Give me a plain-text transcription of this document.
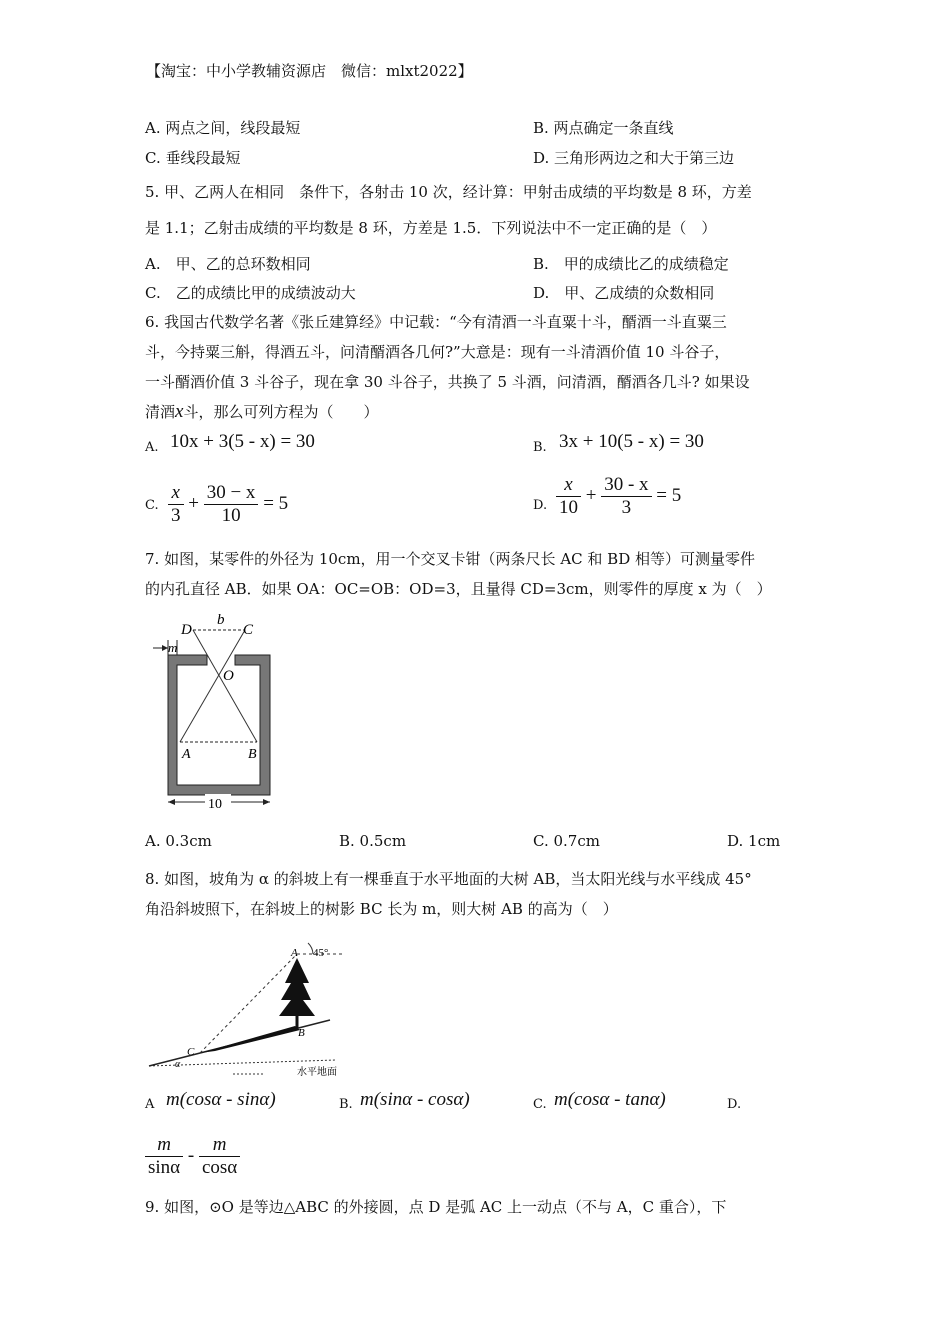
【淘宝：中小学教辅资源店　微信：mlxt2022】
A. 两点之间，线段最短	B. 两点确定一条直线
C. 垂线段最短	D. 三角形两边之和大于第三边
5. 甲、乙两人在相同　条件下，各射击 10 次，经计算：甲射击成绩的平均数是 8 环，方差
是 1.1；乙射击成绩的平均数是 8 环，方差是 1.5．下列说法中不一定正确的是（　）
A.　甲、乙的总环数相同	B.　甲的成绩比乙的成绩稳定
C.　乙的成绩比甲的成绩波动大	D.　甲、乙成绩的众数相同
6. 我国古代数学名著《张丘建算经》中记载：“今有清酒一斗直粟十斗，醑酒一斗直粟三
斗，今持粟三斛，得酒五斗，问清醑酒各几何?”大意是：现有一斗清酒价值 10 斗谷子，
一斗醑酒价值 3 斗谷子，现在拿 30 斗谷子，共换了 5 斗酒，问清酒，醑酒各几斗? 如果设
清酒x斗，那么可列方程为（　　）
A. 10x + 3(5 - x) = 30	B. 3x + 10(5 - x) = 30
C. $\frac{x}{3} + \frac{30 - x}{10} = 5$	D. $\frac{x}{10} + \frac{30 - x}{3} = 5$
7. 如图，某零件的外径为 10cm，用一个交叉卡钳（两条尺长 AC 和 BD 相等）可测量零件
的内孔直径 AB．如果 OA：OC=OB：OD=3，且量得 CD=3cm，则零件的厚度 x 为（　）
D
b
C
m
O
A	B
10
A. 0.3cm	B. 0.5cm	C. 0.7cm	D. 1cm
8. 如图，坡角为 α 的斜坡上有一棵垂直于水平地面的大树 AB，当太阳光线与水平线成 45°
角沿斜坡照下，在斜坡上的树影 BC 长为 m，则大树 AB 的高为（　）
A 45°
B
C
α
水平地面
A m(cosα - sinα)	B. m(sinα - cosα)	C. m(cosα - tanα)	D.
$\frac{m}{\sin\alpha} - \frac{m}{\cos\alpha}$
9. 如图，⊙O 是等边△ABC 的外接圆，点 D 是弧 AC 上一动点（不与 A，C 重合），下
